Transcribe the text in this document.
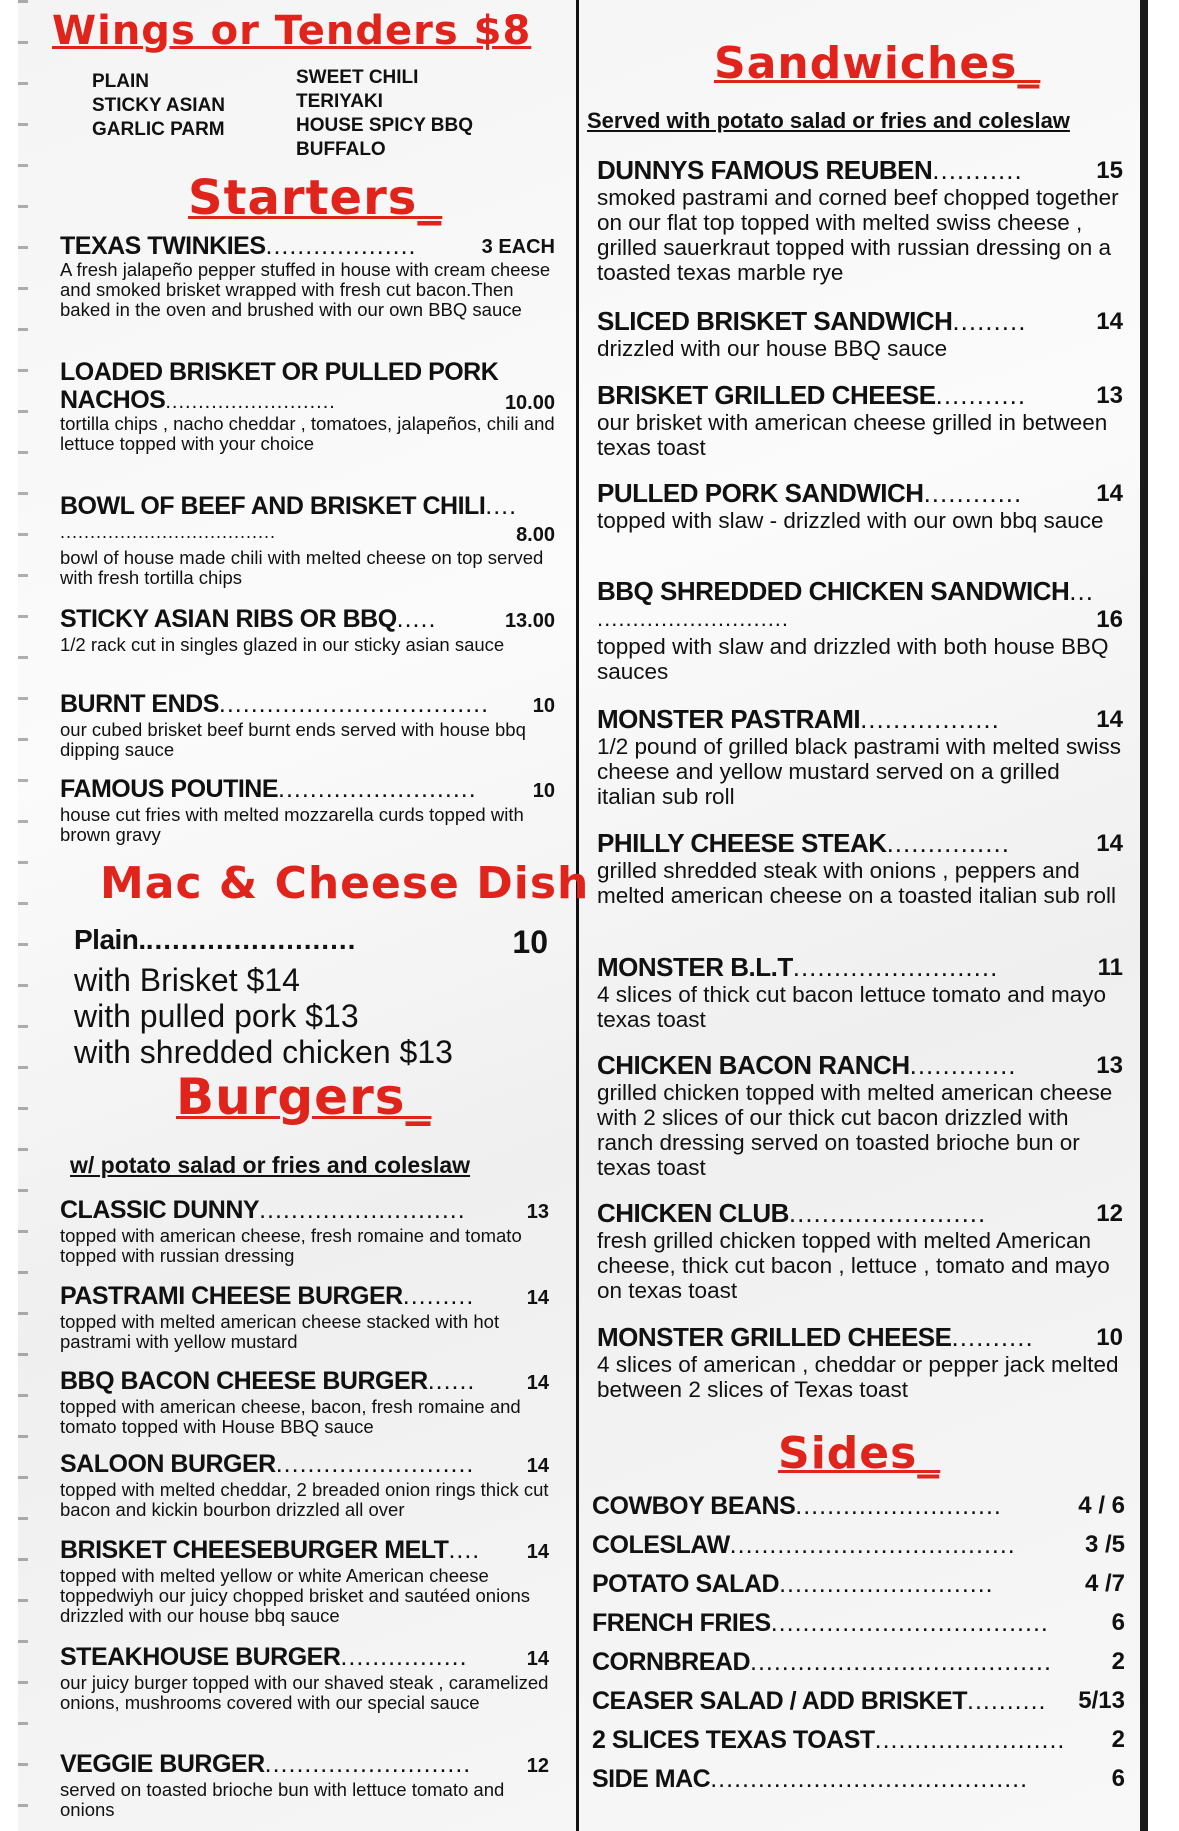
Wings or Tenders $8
PLAIN
STICKY ASIAN
GARLIC PARM
SWEET CHILI
TERIYAKI
HOUSE SPICY BBQ
BUFFALO
Starters_
TEXAS TWINKIES...................	3 EACH
A fresh jalapeño pepper stuffed in house with cream cheese and smoked brisket wrapped with fresh cut bacon.Then baked in the oven and brushed with our own BBQ sauce
LOADED BRISKET OR PULLED PORK
NACHOS..........................	10.00
tortilla chips , nacho cheddar , tomatoes, jalapeños, chili and lettuce topped with your choice
BOWL OF BEEF AND BRISKET CHILI....
....................................	8.00
bowl of house made chili with melted cheese on top served with fresh tortilla chips
STICKY ASIAN RIBS OR BBQ.....	13.00
1/2 rack cut in singles glazed in our sticky asian sauce
BURNT ENDS.................................. 10
our cubed brisket beef burnt ends served with house bbq dipping sauce
FAMOUS POUTINE.........................	10
house cut fries with melted mozzarella curds topped with brown gravy
Mac & Cheese Dish
Plain.........................	10
with Brisket $14
with pulled pork $13
with shredded chicken $13
Burgers_
w/ potato salad or fries and coleslaw
CLASSIC DUNNY..........................	13
topped with american cheese, fresh romaine and tomato topped with russian dressing
PASTRAMI CHEESE BURGER.........	14
topped with melted american cheese stacked with hot pastrami with yellow mustard
BBQ BACON CHEESE BURGER......	14
topped with american cheese, bacon, fresh romaine and tomato topped with House BBQ sauce
SALOON BURGER.........................	14
topped with melted cheddar, 2 breaded onion rings thick cut bacon and kickin bourbon drizzled all over
BRISKET CHEESEBURGER MELT.... 14
topped with melted yellow or white American cheese toppedwiyh our juicy chopped brisket and sautéed onions drizzled with our house bbq sauce
STEAKHOUSE BURGER................	14
our juicy burger topped with our shaved steak , caramelized onions, mushrooms covered with our special sauce
VEGGIE BURGER..........................	12
served on toasted brioche bun with lettuce tomato and onions
Sandwiches_
Served with potato salad or fries and coleslaw
DUNNYS FAMOUS REUBEN...........	15
smoked pastrami and corned beef chopped together on our flat top topped with melted swiss cheese , grilled sauerkraut topped with russian dressing on a toasted texas marble rye
SLICED BRISKET SANDWICH.........	14
drizzled with our house BBQ sauce
BRISKET GRILLED CHEESE...........	13
our brisket with american cheese grilled in between texas toast
PULLED PORK SANDWICH............	14
topped with slaw - drizzled with our own bbq sauce
BBQ SHREDDED CHICKEN SANDWICH...
...........................	16
topped with slaw and drizzled with both house BBQ sauces
MONSTER PASTRAMI.................	14
1/2 pound of grilled black pastrami with melted swiss cheese and yellow mustard served on a grilled italian sub roll
PHILLY CHEESE STEAK...............	14
grilled shredded steak with onions , peppers and melted american cheese on a toasted italian sub roll
MONSTER B.L.T.........................	11
4 slices of thick cut bacon lettuce tomato and mayo texas toast
CHICKEN BACON RANCH.............	13
grilled chicken topped with melted american cheese with 2 slices of our thick cut bacon drizzled with ranch dressing served on toasted brioche bun or texas toast
CHICKEN CLUB........................	12
fresh grilled chicken topped with melted American cheese, thick cut bacon , lettuce , tomato and mayo on texas toast
MONSTER GRILLED CHEESE..........	10
4 slices of american , cheddar or pepper jack melted between 2 slices of Texas toast
Sides_
COWBOY BEANS..........................	4 / 6
COLESLAW....................................	3 /5
POTATO SALAD...........................	4 /7
FRENCH FRIES...................................	6
CORNBREAD...................................... 2
CEASER SALAD / ADD BRISKET.......... 5/13
2 SLICES TEXAS TOAST........................ 2
SIDE MAC........................................	6
